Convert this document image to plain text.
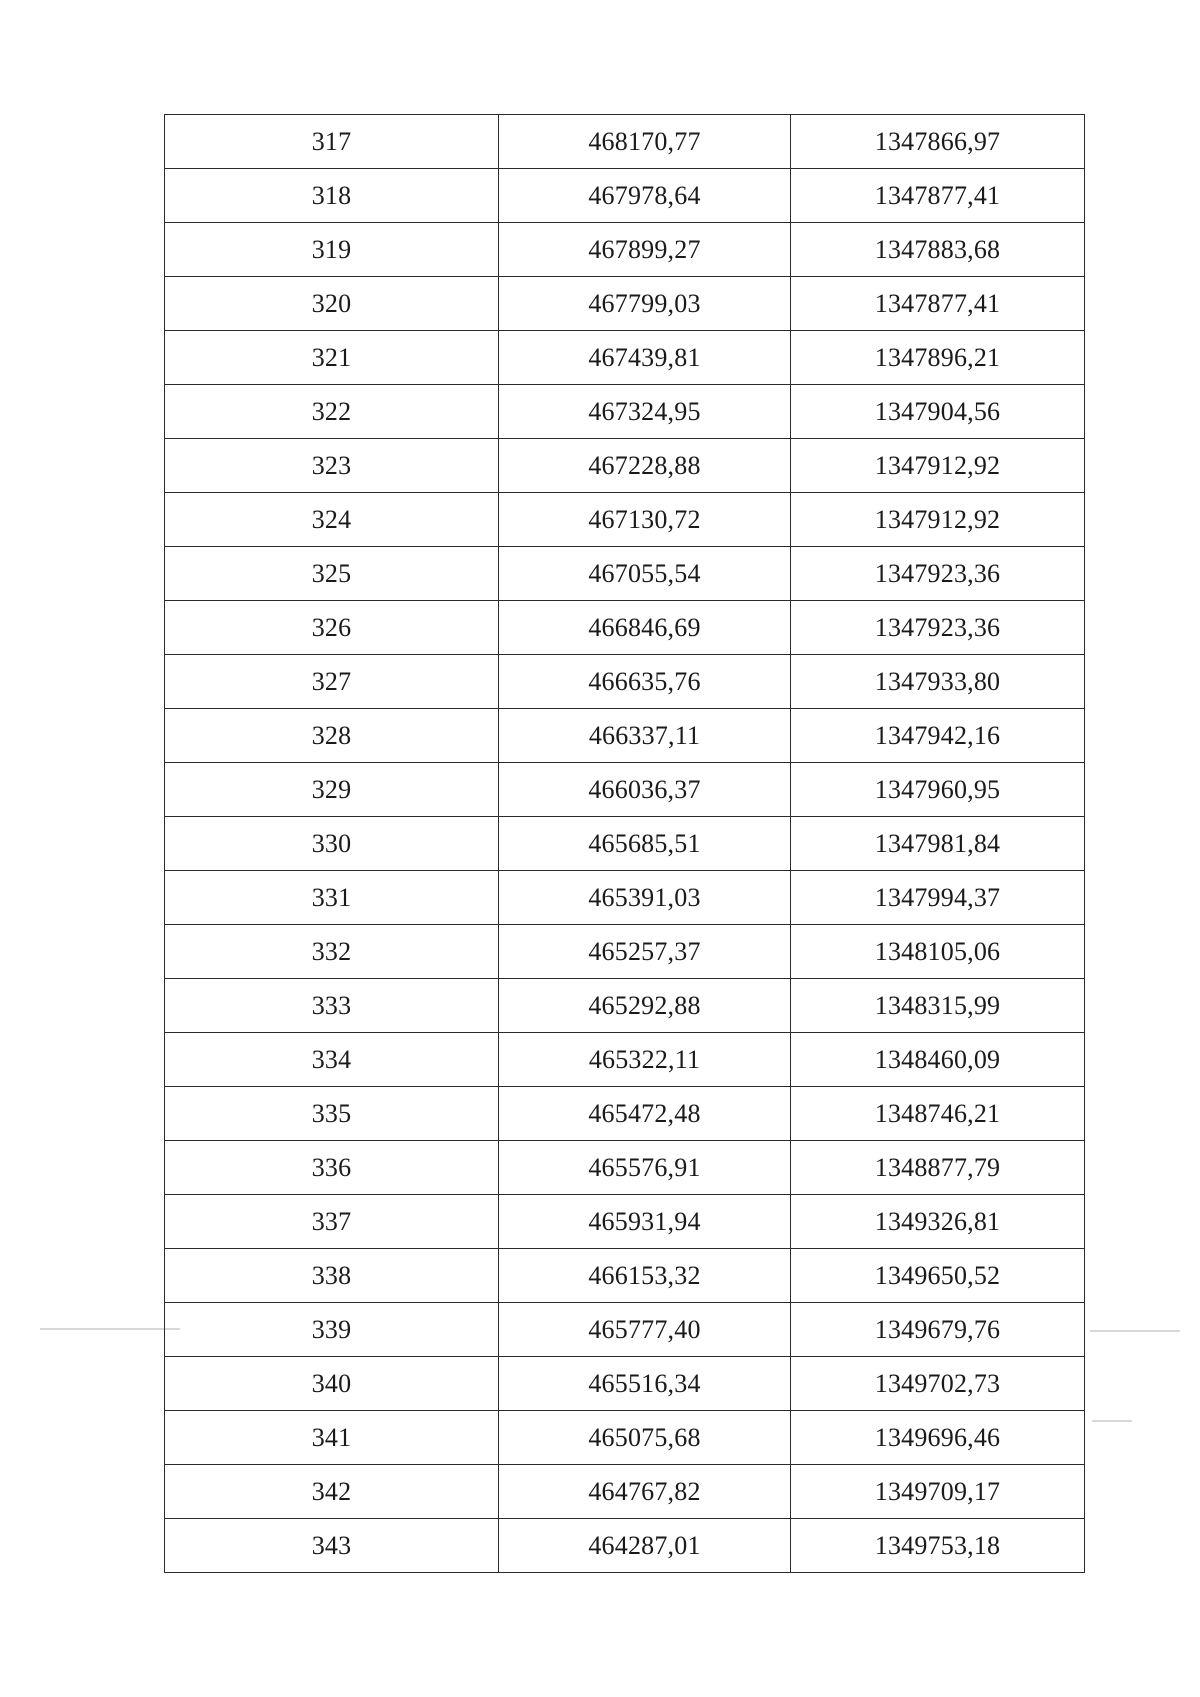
317	468170,77	1347866,97
318	467978,64	1347877,41
319	467899,27	1347883,68
320	467799,03	1347877,41
321	467439,81	1347896,21
322	467324,95	1347904,56
323	467228,88	1347912,92
324	467130,72	1347912,92
325	467055,54	1347923,36
326	466846,69	1347923,36
327	466635,76	1347933,80
328	466337,11	1347942,16
329	466036,37	1347960,95
330	465685,51	1347981,84
331	465391,03	1347994,37
332	465257,37	1348105,06
333	465292,88	1348315,99
334	465322,11	1348460,09
335	465472,48	1348746,21
336	465576,91	1348877,79
337	465931,94	1349326,81
338	466153,32	1349650,52
339	465777,40	1349679,76
340	465516,34	1349702,73
341	465075,68	1349696,46
342	464767,82	1349709,17
343	464287,01	1349753,18
